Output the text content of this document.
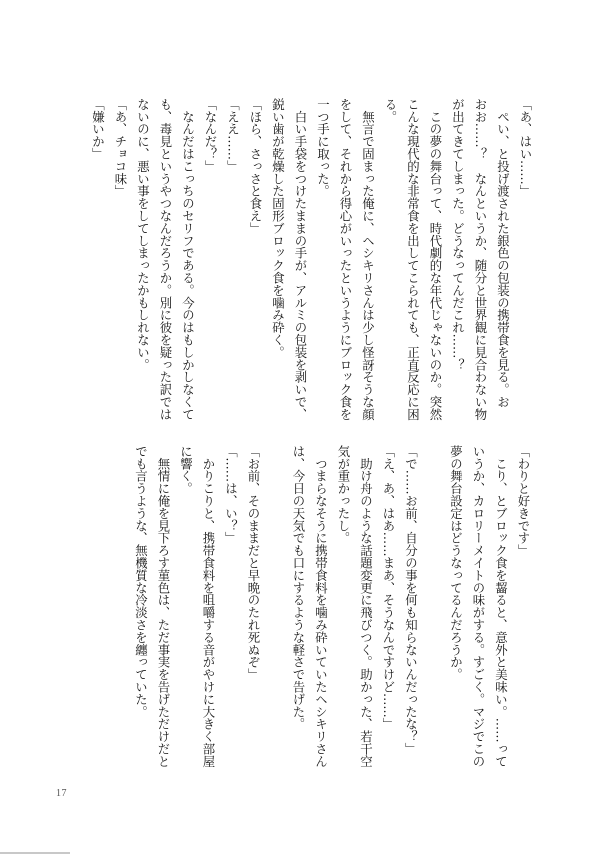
「あ、はい……」
　ぺい、と投げ渡された銀色の包装の携帯食を見る。お
おお……？　なんというか、随分と世界観に見合わない物
が出てきてしまった。どうなってんだこれ……？
　この夢の舞台って、時代劇的な年代じゃないのか。突然
こんな現代的な非常食を出してこられても、正直反応に困
る。
　無言で固まった俺に、ヘシキリさんは少し怪訝そうな顔
をして、それから得心がいったというようにブロック食を
一つ手に取った。
　白い手袋をつけたままの手が、アルミの包装を剥いで、
鋭い歯が乾燥した固形ブロック食を噛み砕く。
「ほら、さっさと食え」
「ええ……」
「なんだ？」
　なんだはこっちのセリフである。今のはもしかしなくて
も、毒見というやつなんだろうか。別に彼を疑った訳では
ないのに、悪い事をしてしまったかもしれない。
「あ、チョコ味」
「嫌いか」
「わりと好きです」
　こり、とブロック食を齧ると、意外と美味い。……って
いうか、カロリーメイトの味がする。すごく。マジでこの
夢の舞台設定はどうなってるんだろうか。
「で……お前、自分の事を何も知らないんだったな？」
「え、あ、はあ……まあ、そうなんですけど……」
　助け舟のような話題変更に飛びつく。助かった、若干空
気が重かったし。
　つまらなそうに携帯食料を噛み砕いていたヘシキリさん
は、今日の天気でも口にするような軽さで告げた。
「お前、そのままだと早晩のたれ死ぬぞ」
「……は、い？」
　かりこりと、携帯食料を咀嚼する音がやけに大きく部屋
に響く。
　無情に俺を見下ろす菫色は、ただ事実を告げただけだと
でも言うような、無機質な冷淡さを纏っていた。
17
